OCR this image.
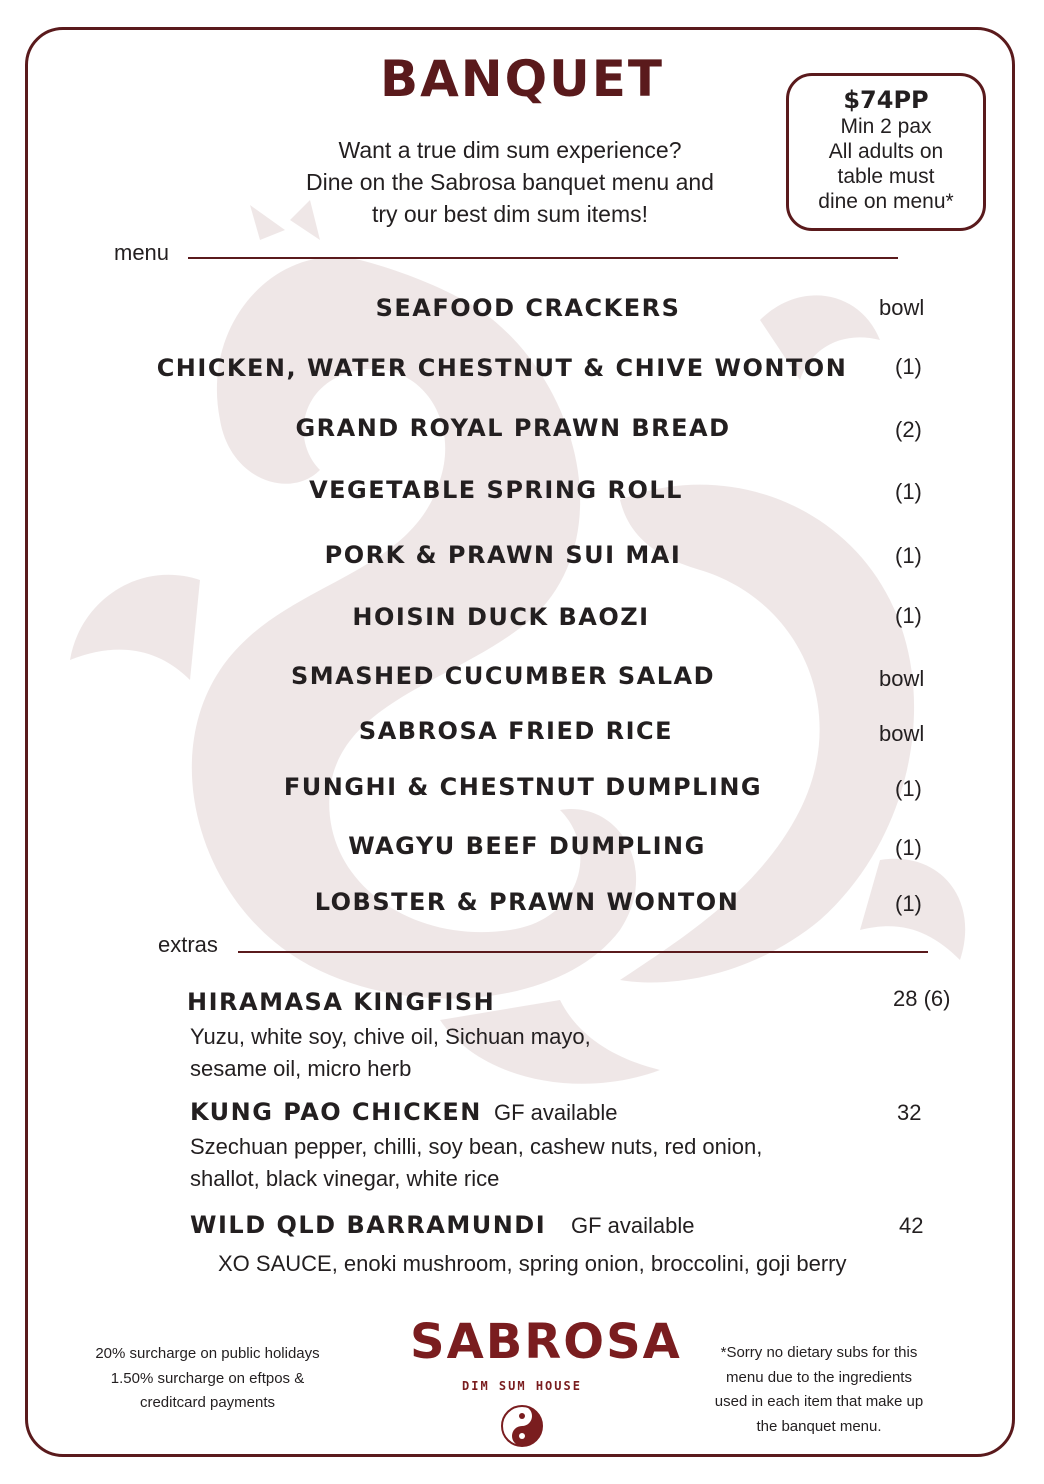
BANQUET
Want a true dim sum experience?
Dine on the Sabrosa banquet menu and
try our best dim sum items!
$74PP
Min 2 pax
All adults on
table must
dine on menu*
menu
SEAFOOD CRACKERS	bowl
CHICKEN, WATER CHESTNUT & CHIVE WONTON	(1)
GRAND ROYAL PRAWN BREAD	(2)
VEGETABLE SPRING ROLL	(1)
PORK & PRAWN SUI MAI	(1)
HOISIN DUCK BAOZI	(1)
SMASHED CUCUMBER SALAD	bowl
SABROSA FRIED RICE	bowl
FUNGHI & CHESTNUT DUMPLING	(1)
WAGYU BEEF DUMPLING	(1)
LOBSTER & PRAWN WONTON	(1)
extras
HIRAMASA KINGFISH	28 (6)
Yuzu, white soy, chive oil, Sichuan mayo,
sesame oil, micro herb
KUNG PAO CHICKEN GF available	32
Szechuan pepper, chilli, soy bean, cashew nuts, red onion,
shallot, black vinegar, white rice
WILD QLD BARRAMUNDI GF available	42
XO SAUCE, enoki mushroom, spring onion, broccolini, goji berry
20% surcharge on public holidays
1.50% surcharge on eftpos &
creditcard payments
SABROSA
DIM SUM HOUSE
*Sorry no dietary subs for this
menu due to the ingredients
used in each item that make up
the banquet menu.
